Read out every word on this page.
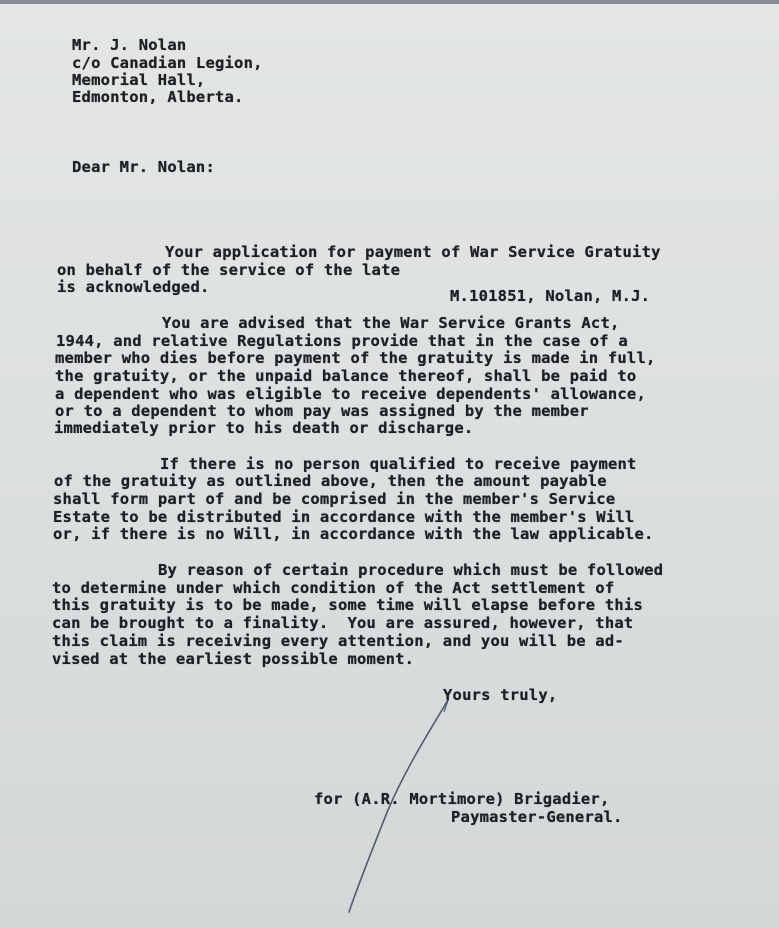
Mr. J. Nolan

c/o Canadian Legion,

Memorial Hall,

Edmonton, Alberta.

Dear Mr. Nolan:

Your application for payment of War Service Gratuity

on behalf of the service of the late

is acknowledged.	M.101851, Nolan, M.J.

You are advised that the War Service Grants Act,

1944, and relative Regulations provide that in the case of a

member who dies before payment of the gratuity is made in full,

the gratuity, or the unpaid balance thereof, shall be paid to

a dependent who was eligible to receive dependents' allowance,

or to a dependent to whom pay was assigned by the member

immediately prior to his death or discharge.

If there is no person qualified to receive payment

of the gratuity as outlined above, then the amount payable

shall form part of and be comprised in the member's Service

Estate to be distributed in accordance with the member's Will

or, if there is no Will, in accordance with the law applicable.

By reason of certain procedure which must be followed

to determine under which condition of the Act settlement of

this gratuity is to be made, some time will elapse before this

can be brought to a finality.  You are assured, however, that

this claim is receiving every attention, and you will be ad-

vised at the earliest possible moment.

Yours truly,

for (A.R. Mortimore) Brigadier,

Paymaster-General.
